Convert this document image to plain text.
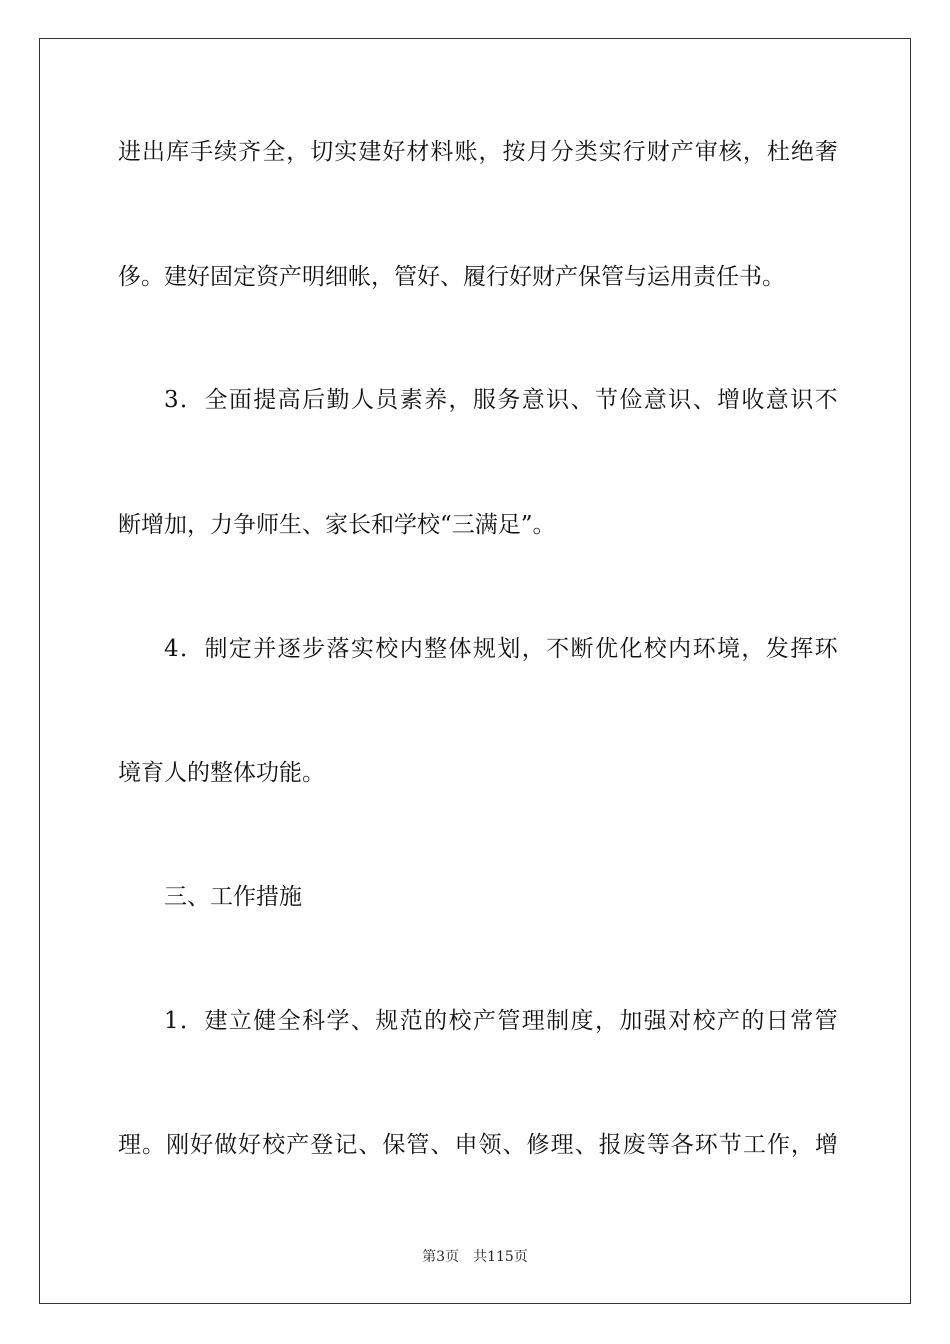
进 出 库 手 续 齐 全 ， 切 实 建 好 材 料 账 ， 按 月 分 类 实 行 财 产 审 核 ， 杜 绝 奢
侈。建好固定资产明细帐，管好、履行好财产保管与运用责任书。
3 ． 全 面 提 高 后 勤 人 员 素 养 ， 服 务 意 识 、 节 俭 意 识 、 增 收 意 识 不
断增加，力争师生、家长和学校“三满足”。
4 ． 制 定 并 逐 步 落 实 校 内 整 体 规 划 ， 不 断 优 化 校 内 环 境 ， 发 挥 环
境育人的整体功能。
三、工作措施
1 ． 建 立 健 全 科 学 、 规 范 的 校 产 管 理 制 度 ， 加 强 对 校 产 的 日 常 管
理 。 刚 好 做 好 校 产 登 记 、 保 管 、 申 领 、 修 理 、 报 废 等 各 环 节 工 作 ， 增
第3页 共115页
